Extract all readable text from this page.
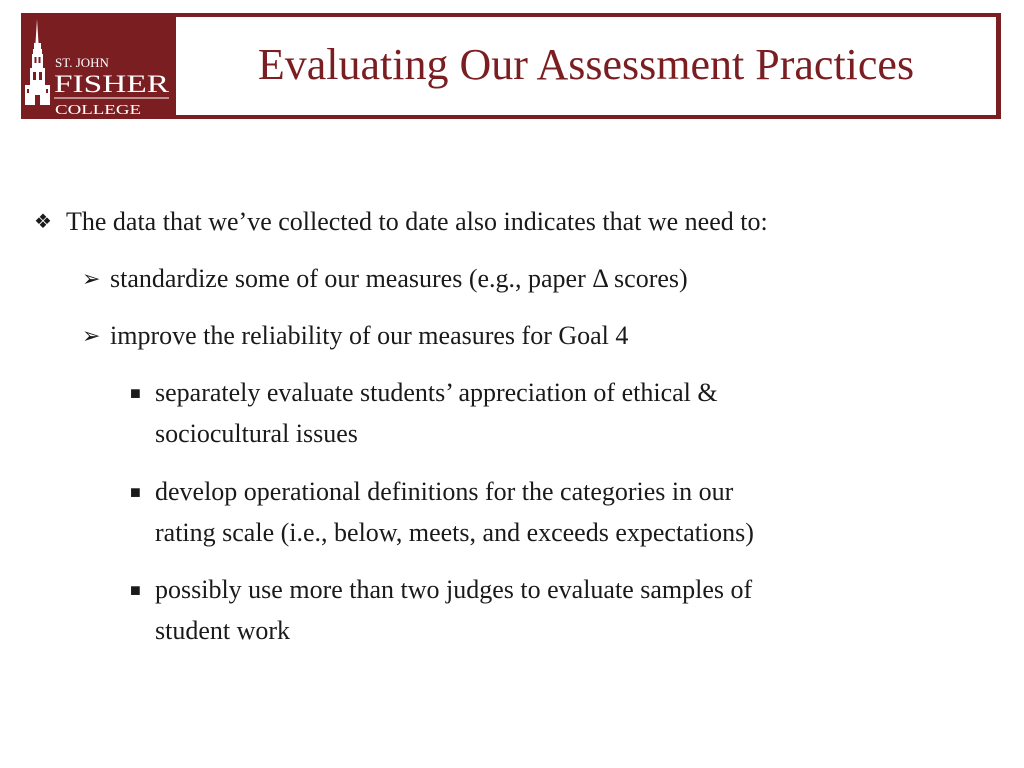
ST. JOHN
FISHER
COLLEGE
Evaluating Our Assessment Practices
❖ The data that we’ve collected to date also indicates that we need to:
➢ standardize some of our measures (e.g., paper Δ scores)
➢ improve the reliability of our measures for Goal 4
■ separately evaluate students’ appreciation of ethical &
sociocultural issues
■ develop operational definitions for the categories in our
rating scale (i.e., below, meets, and exceeds expectations)
■ possibly use more than two judges to evaluate samples of
student work
